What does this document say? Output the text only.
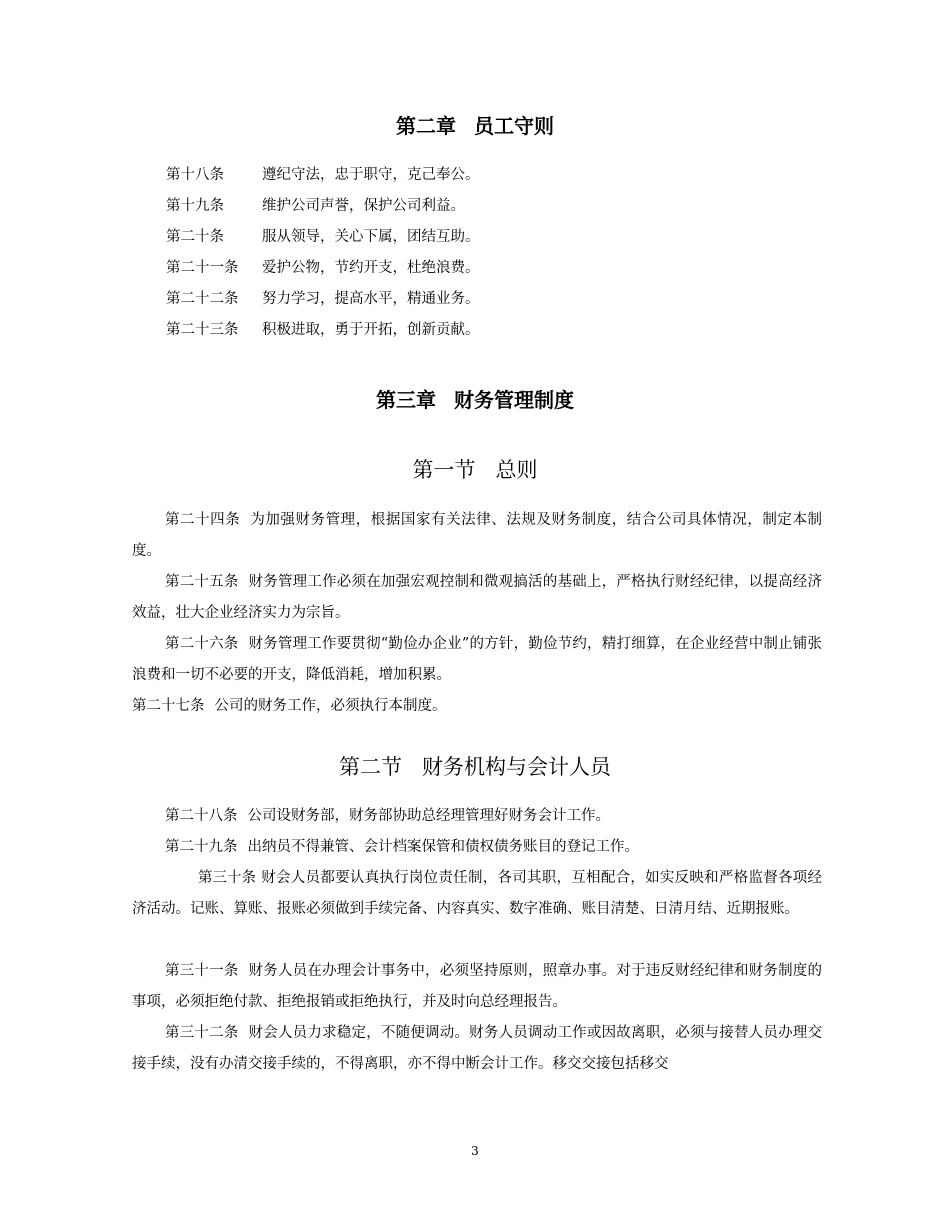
第二章 员工守则
第十八条	遵纪守法，忠于职守，克己奉公。
第十九条	维护公司声誉，保护公司利益。
第二十条	服从领导，关心下属，团结互助。
第二十一条 爱护公物，节约开支，杜绝浪费。
第二十二条 努力学习，提高水平，精通业务。
第二十三条 积极进取，勇于开拓，创新贡献。
第三章 财务管理制度
第一节 总则
第二十四条 为加强财务管理，根据国家有关法律、法规及财务制度，结合公司具体情况，制定本制度。
第二十五条 财务管理工作必须在加强宏观控制和微观搞活的基础上，严格执行财经纪律，以提高经济效益，壮大企业经济实力为宗旨。
第二十六条 财务管理工作要贯彻“勤俭办企业”的方针，勤俭节约，精打细算，在企业经营中制止铺张浪费和一切不必要的开支，降低消耗，增加积累。
第二十七条 公司的财务工作，必须执行本制度。
第二节 财务机构与会计人员
第二十八条 公司设财务部，财务部协助总经理管理好财务会计工作。
第二十九条 出纳员不得兼管、会计档案保管和债权债务账目的登记工作。
第三十条 财会人员都要认真执行岗位责任制，各司其职，互相配合，如实反映和严格监督各项经济活动。记账、算账、报账必须做到手续完备、内容真实、数字准确、账目清楚、日清月结、近期报账。
第三十一条 财务人员在办理会计事务中，必须坚持原则，照章办事。对于违反财经纪律和财务制度的事项，必须拒绝付款、拒绝报销或拒绝执行，并及时向总经理报告。
第三十二条 财会人员力求稳定，不随便调动。财务人员调动工作或因故离职，必须与接替人员办理交接手续，没有办清交接手续的，不得离职，亦不得中断会计工作。移交交接包括移交
3
